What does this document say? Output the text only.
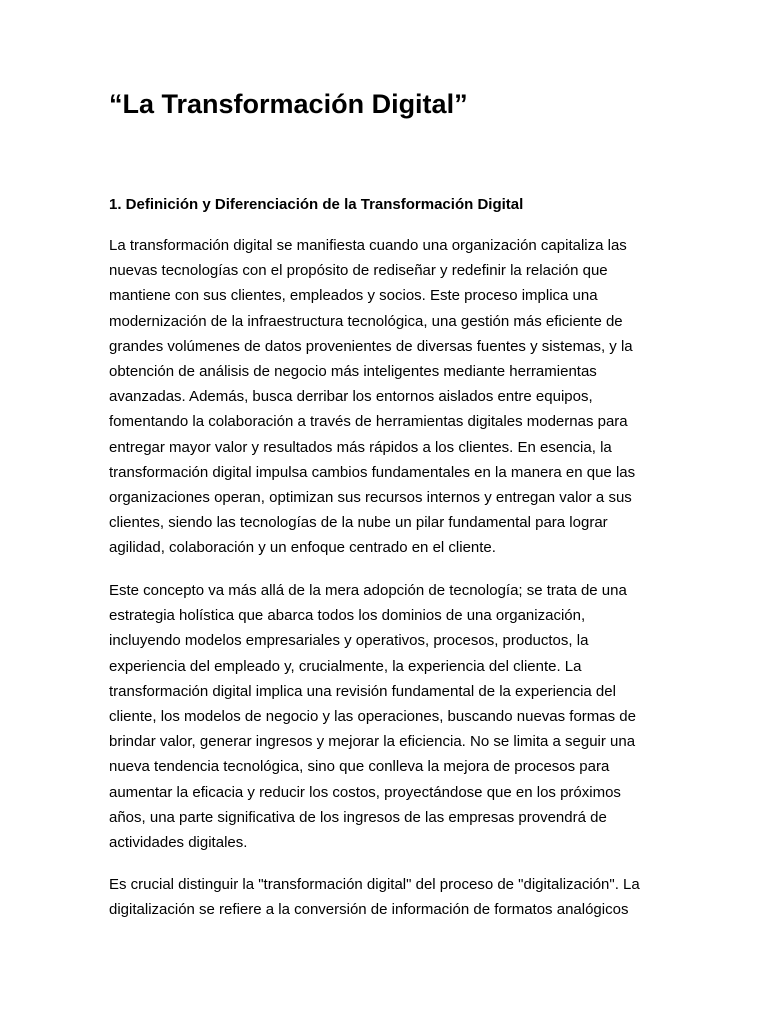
“La Transformación Digital”
1. Definición y Diferenciación de la Transformación Digital

La transformación digital se manifiesta cuando una organización capitaliza las
nuevas tecnologías con el propósito de rediseñar y redefinir la relación que
mantiene con sus clientes, empleados y socios. Este proceso implica una
modernización de la infraestructura tecnológica, una gestión más eficiente de
grandes volúmenes de datos provenientes de diversas fuentes y sistemas, y la
obtención de análisis de negocio más inteligentes mediante herramientas
avanzadas. Además, busca derribar los entornos aislados entre equipos,
fomentando la colaboración a través de herramientas digitales modernas para
entregar mayor valor y resultados más rápidos a los clientes. En esencia, la
transformación digital impulsa cambios fundamentales en la manera en que las
organizaciones operan, optimizan sus recursos internos y entregan valor a sus
clientes, siendo las tecnologías de la nube un pilar fundamental para lograr
agilidad, colaboración y un enfoque centrado en el cliente.

Este concepto va más allá de la mera adopción de tecnología; se trata de una
estrategia holística que abarca todos los dominios de una organización,
incluyendo modelos empresariales y operativos, procesos, productos, la
experiencia del empleado y, crucialmente, la experiencia del cliente. La
transformación digital implica una revisión fundamental de la experiencia del
cliente, los modelos de negocio y las operaciones, buscando nuevas formas de
brindar valor, generar ingresos y mejorar la eficiencia. No se limita a seguir una
nueva tendencia tecnológica, sino que conlleva la mejora de procesos para
aumentar la eficacia y reducir los costos, proyectándose que en los próximos
años, una parte significativa de los ingresos de las empresas provendrá de
actividades digitales.

Es crucial distinguir la "transformación digital" del proceso de "digitalización". La
digitalización se refiere a la conversión de información de formatos analógicos
